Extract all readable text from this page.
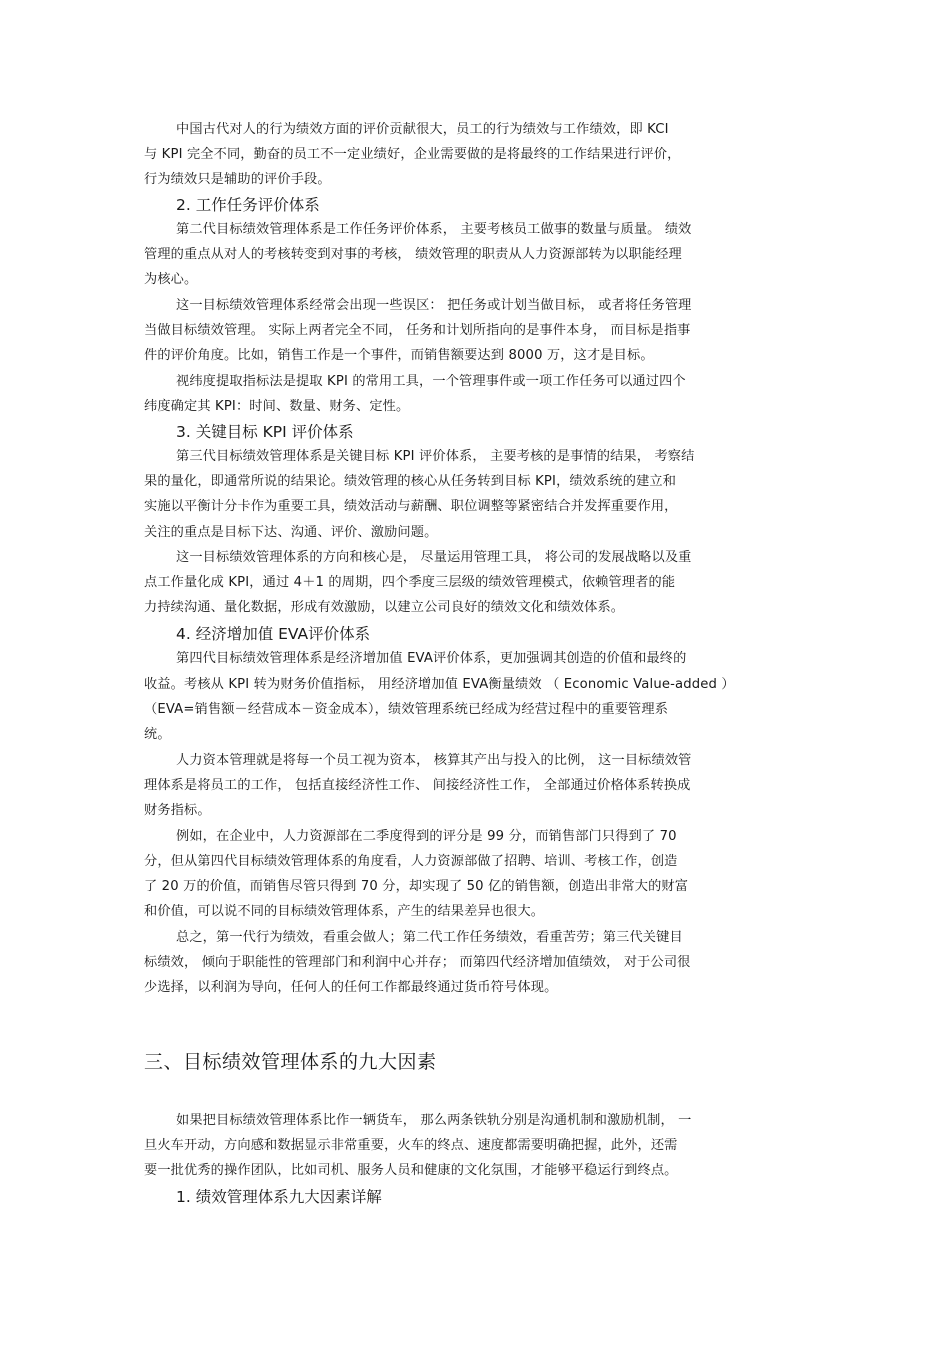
中国古代对人的行为绩效方面的评价贡献很大，员工的行为绩效与工作绩效，即 KCI
与 KPI 完全不同，勤奋的员工不一定业绩好，企业需要做的是将最终的工作结果进行评价，
行为绩效只是辅助的评价手段。
2. 工作任务评价体系
第二代目标绩效管理体系是工作任务评价体系， 主要考核员工做事的数量与质量。 绩效
管理的重点从对人的考核转变到对事的考核， 绩效管理的职责从人力资源部转为以职能经理
为核心。
这一目标绩效管理体系经常会出现一些误区： 把任务或计划当做目标， 或者将任务管理
当做目标绩效管理。 实际上两者完全不同， 任务和计划所指向的是事件本身， 而目标是指事
件的评价角度。比如，销售工作是一个事件，而销售额要达到 8000 万，这才是目标。
视纬度提取指标法是提取 KPI 的常用工具，一个管理事件或一项工作任务可以通过四个
纬度确定其 KPI：时间、数量、财务、定性。
3. 关键目标 KPI 评价体系
第三代目标绩效管理体系是关键目标 KPI 评价体系， 主要考核的是事情的结果， 考察结
果的量化，即通常所说的结果论。绩效管理的核心从任务转到目标 KPI，绩效系统的建立和
实施以平衡计分卡作为重要工具，绩效活动与薪酬、职位调整等紧密结合并发挥重要作用，
关注的重点是目标下达、沟通、评价、激励问题。
这一目标绩效管理体系的方向和核心是， 尽量运用管理工具， 将公司的发展战略以及重
点工作量化成 KPI，通过 4＋1 的周期，四个季度三层级的绩效管理模式，依赖管理者的能
力持续沟通、量化数据，形成有效激励，以建立公司良好的绩效文化和绩效体系。
4. 经济增加值 EVA评价体系
第四代目标绩效管理体系是经济增加值 EVA评价体系，更加强调其创造的价值和最终的
收益。考核从 KPI 转为财务价值指标， 用经济增加值 EVA衡量绩效 （ Economic Value-added ）
（EVA=销售额－经营成本－资金成本），绩效管理系统已经成为经营过程中的重要管理系
统。
人力资本管理就是将每一个员工视为资本， 核算其产出与投入的比例， 这一目标绩效管
理体系是将员工的工作， 包括直接经济性工作、 间接经济性工作， 全部通过价格体系转换成
财务指标。
例如，在企业中，人力资源部在二季度得到的评分是 99 分，而销售部门只得到了 70
分，但从第四代目标绩效管理体系的角度看，人力资源部做了招聘、培训、考核工作，创造
了 20 万的价值，而销售尽管只得到 70 分，却实现了 50 亿的销售额，创造出非常大的财富
和价值，可以说不同的目标绩效管理体系，产生的结果差异也很大。
总之，第一代行为绩效，看重会做人；第二代工作任务绩效，看重苦劳；第三代关键目
标绩效， 倾向于职能性的管理部门和利润中心并存； 而第四代经济增加值绩效， 对于公司很
少选择，以利润为导向，任何人的任何工作都最终通过货币符号体现。
三、目标绩效管理体系的九大因素
如果把目标绩效管理体系比作一辆货车， 那么两条铁轨分别是沟通机制和激励机制， 一
旦火车开动，方向感和数据显示非常重要，火车的终点、速度都需要明确把握，此外，还需
要一批优秀的操作团队，比如司机、服务人员和健康的文化氛围，才能够平稳运行到终点。
1. 绩效管理体系九大因素详解
